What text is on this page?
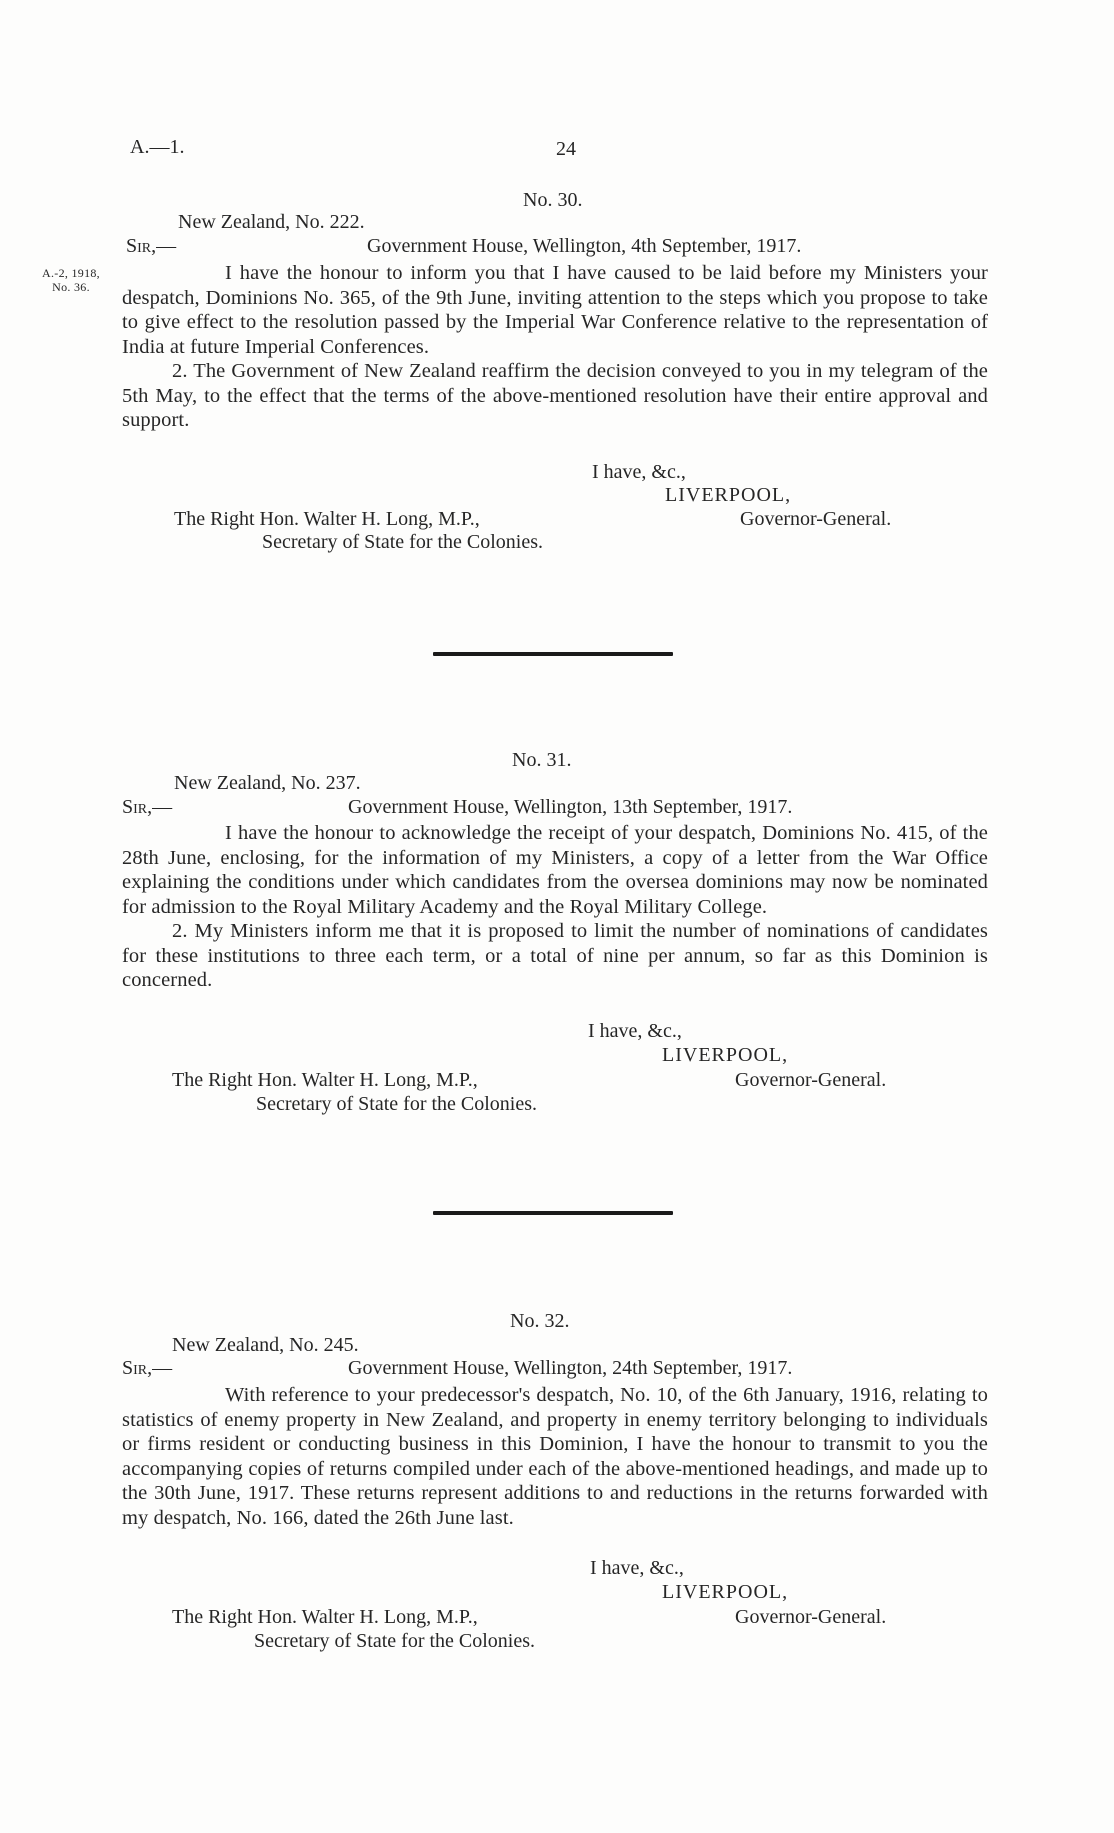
A.—1.	24
No. 30.
New Zealand, No. 222.
Sir,—	Government House, Wellington, 4th September, 1917.
A.-2, 1918,
No. 36.

I have the honour to inform you that I have caused to be laid before my Ministers your despatch, Dominions No. 365, of the 9th June, inviting attention to the steps which you propose to take to give effect to the resolution passed by the Imperial War Conference relative to the representation of India at future Imperial Conferences.

2. The Government of New Zealand reaffirm the decision conveyed to you in my telegram of the 5th May, to the effect that the terms of the above-mentioned resolution have their entire approval and support.

I have, &c.,
LIVERPOOL,
The Right Hon. Walter H. Long, M.P.,	Governor-General.
Secretary of State for the Colonies.
No. 31.
New Zealand, No. 237.
Sir,—	Government House, Wellington, 13th September, 1917.

I have the honour to acknowledge the receipt of your despatch, Dominions No. 415, of the 28th June, enclosing, for the information of my Ministers, a copy of a letter from the War Office explaining the conditions under which candidates from the oversea dominions may now be nominated for admission to the Royal Military Academy and the Royal Military College.

2. My Ministers inform me that it is proposed to limit the number of nominations of candidates for these institutions to three each term, or a total of nine per annum, so far as this Dominion is concerned.

I have, &c.,
LIVERPOOL,
The Right Hon. Walter H. Long, M.P.,	Governor-General.
Secretary of State for the Colonies.
No. 32.
New Zealand, No. 245.
Sir,—	Government House, Wellington, 24th September, 1917.

With reference to your predecessor's despatch, No. 10, of the 6th January, 1916, relating to statistics of enemy property in New Zealand, and property in enemy territory belonging to individuals or firms resident or conducting business in this Dominion, I have the honour to transmit to you the accompanying copies of returns compiled under each of the above-mentioned headings, and made up to the 30th June, 1917. These returns represent additions to and reductions in the returns forwarded with my despatch, No. 166, dated the 26th June last.

I have, &c.,
LIVERPOOL,
The Right Hon. Walter H. Long, M.P.,	Governor-General.
Secretary of State for the Colonies.
